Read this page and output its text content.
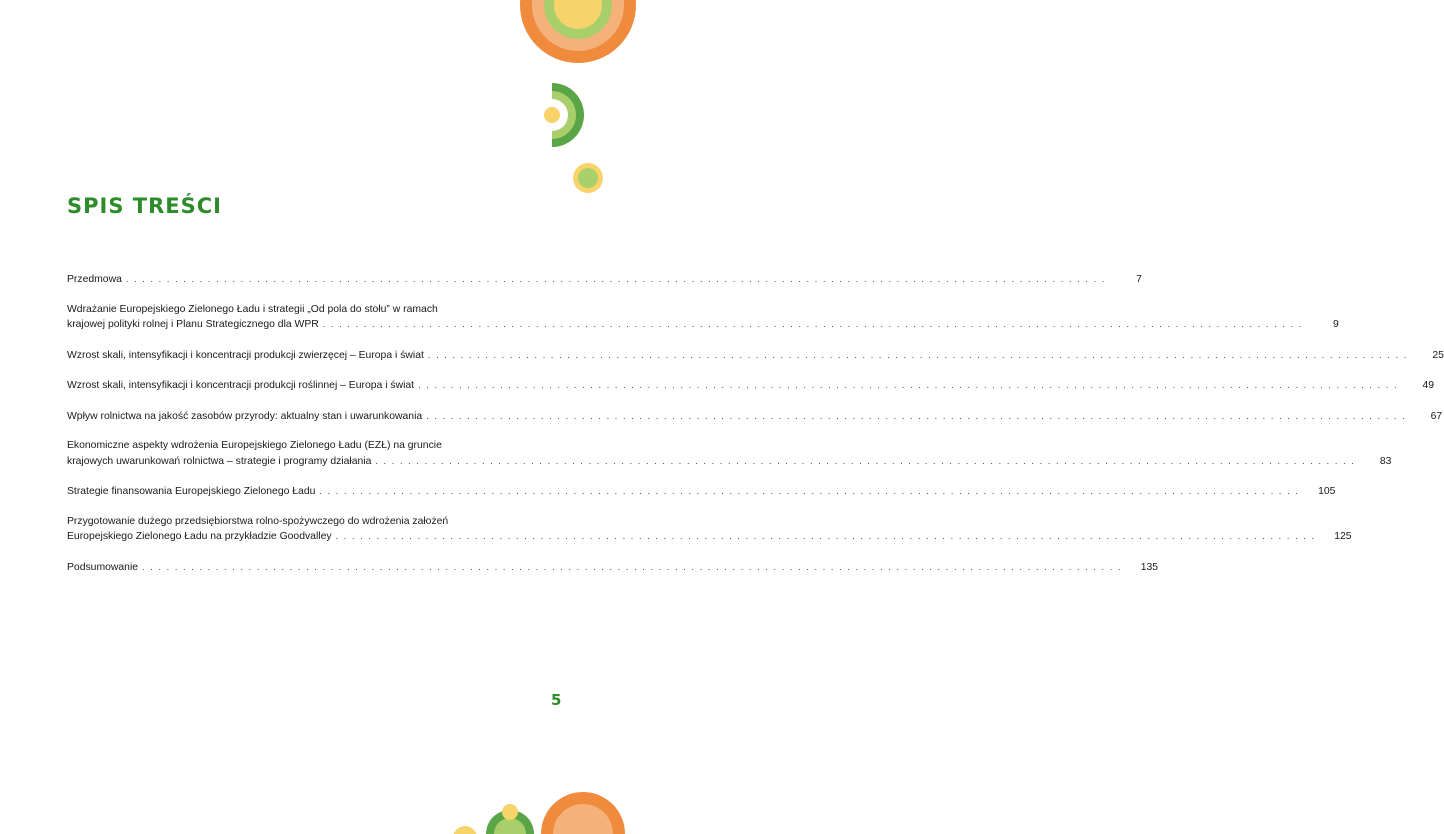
SPIS TREŚCI
Przedmowa . . . . . . . . . . . . . . . . . . . . . . . . . . . . . . . . . . . . . . . . . . . . . . . . . . . . . . . . . . . . . . . . . . . . . . . . . . . . . . . . . . . . . . . . . . . . . . . . . . . . . . . . . . . . . . . . . . . . . . . .	7
Wdrażanie Europejskiego Zielonego Ładu i strategii „Od pola do stołu” w ramach
krajowej polityki rolnej i Planu Strategicznego dla WPR . . . . . . . . . . . . . . . . . . . . . . . . . . . . . . . . . . . . . . . . . . . . . . . . . . . . . . . . . . . . . . . . . . . . . . . . . . . . . . . . . . . . . . . . . . . . . . . . . . . . . . . . . . . . . . . . . . . . . . . .	9
Wzrost skali, intensyfikacji i koncentracji produkcji zwierzęcej – Europa i świat . . . . . . . . . . . . . . . . . . . . . . . . . . . . . . . . . . . . . . . . . . . . . . . . . . . . . . . . . . . . . . . . . . . . . . . . . . . . . . . . . . . . . . . . . . . . . . . . . . . . . . . . . . . . . . . . . . . . . . . .	25
Wzrost skali, intensyfikacji i koncentracji produkcji roślinnej – Europa i świat . . . . . . . . . . . . . . . . . . . . . . . . . . . . . . . . . . . . . . . . . . . . . . . . . . . . . . . . . . . . . . . . . . . . . . . . . . . . . . . . . . . . . . . . . . . . . . . . . . . . . . . . . . . . . . . . . . . . . . . .	49
Wpływ rolnictwa na jakość zasobów przyrody: aktualny stan i uwarunkowania . . . . . . . . . . . . . . . . . . . . . . . . . . . . . . . . . . . . . . . . . . . . . . . . . . . . . . . . . . . . . . . . . . . . . . . . . . . . . . . . . . . . . . . . . . . . . . . . . . . . . . . . . . . . . . . . . . . . . . . .	67
Ekonomiczne aspekty wdrożenia Europejskiego Zielonego Ładu (EZŁ) na gruncie
krajowych uwarunkowań rolnictwa – strategie i programy działania . . . . . . . . . . . . . . . . . . . . . . . . . . . . . . . . . . . . . . . . . . . . . . . . . . . . . . . . . . . . . . . . . . . . . . . . . . . . . . . . . . . . . . . . . . . . . . . . . . . . . . . . . . . . . . . . . . . . . . . .	83
Strategie finansowania Europejskiego Zielonego Ładu . . . . . . . . . . . . . . . . . . . . . . . . . . . . . . . . . . . . . . . . . . . . . . . . . . . . . . . . . . . . . . . . . . . . . . . . . . . . . . . . . . . . . . . . . . . . . . . . . . . . . . . . . . . . . . . . . . . . . . . .	105
Przygotowanie dużego przedsiębiorstwa rolno-spożywczego do wdrożenia założeń
Europejskiego Zielonego Ładu na przykładzie Goodvalley . . . . . . . . . . . . . . . . . . . . . . . . . . . . . . . . . . . . . . . . . . . . . . . . . . . . . . . . . . . . . . . . . . . . . . . . . . . . . . . . . . . . . . . . . . . . . . . . . . . . . . . . . . . . . . . . . . . . . . . .	125
Podsumowanie . . . . . . . . . . . . . . . . . . . . . . . . . . . . . . . . . . . . . . . . . . . . . . . . . . . . . . . . . . . . . . . . . . . . . . . . . . . . . . . . . . . . . . . . . . . . . . . . . . . . . . . . . . . . . . . . . . . . . . . .	135
5
